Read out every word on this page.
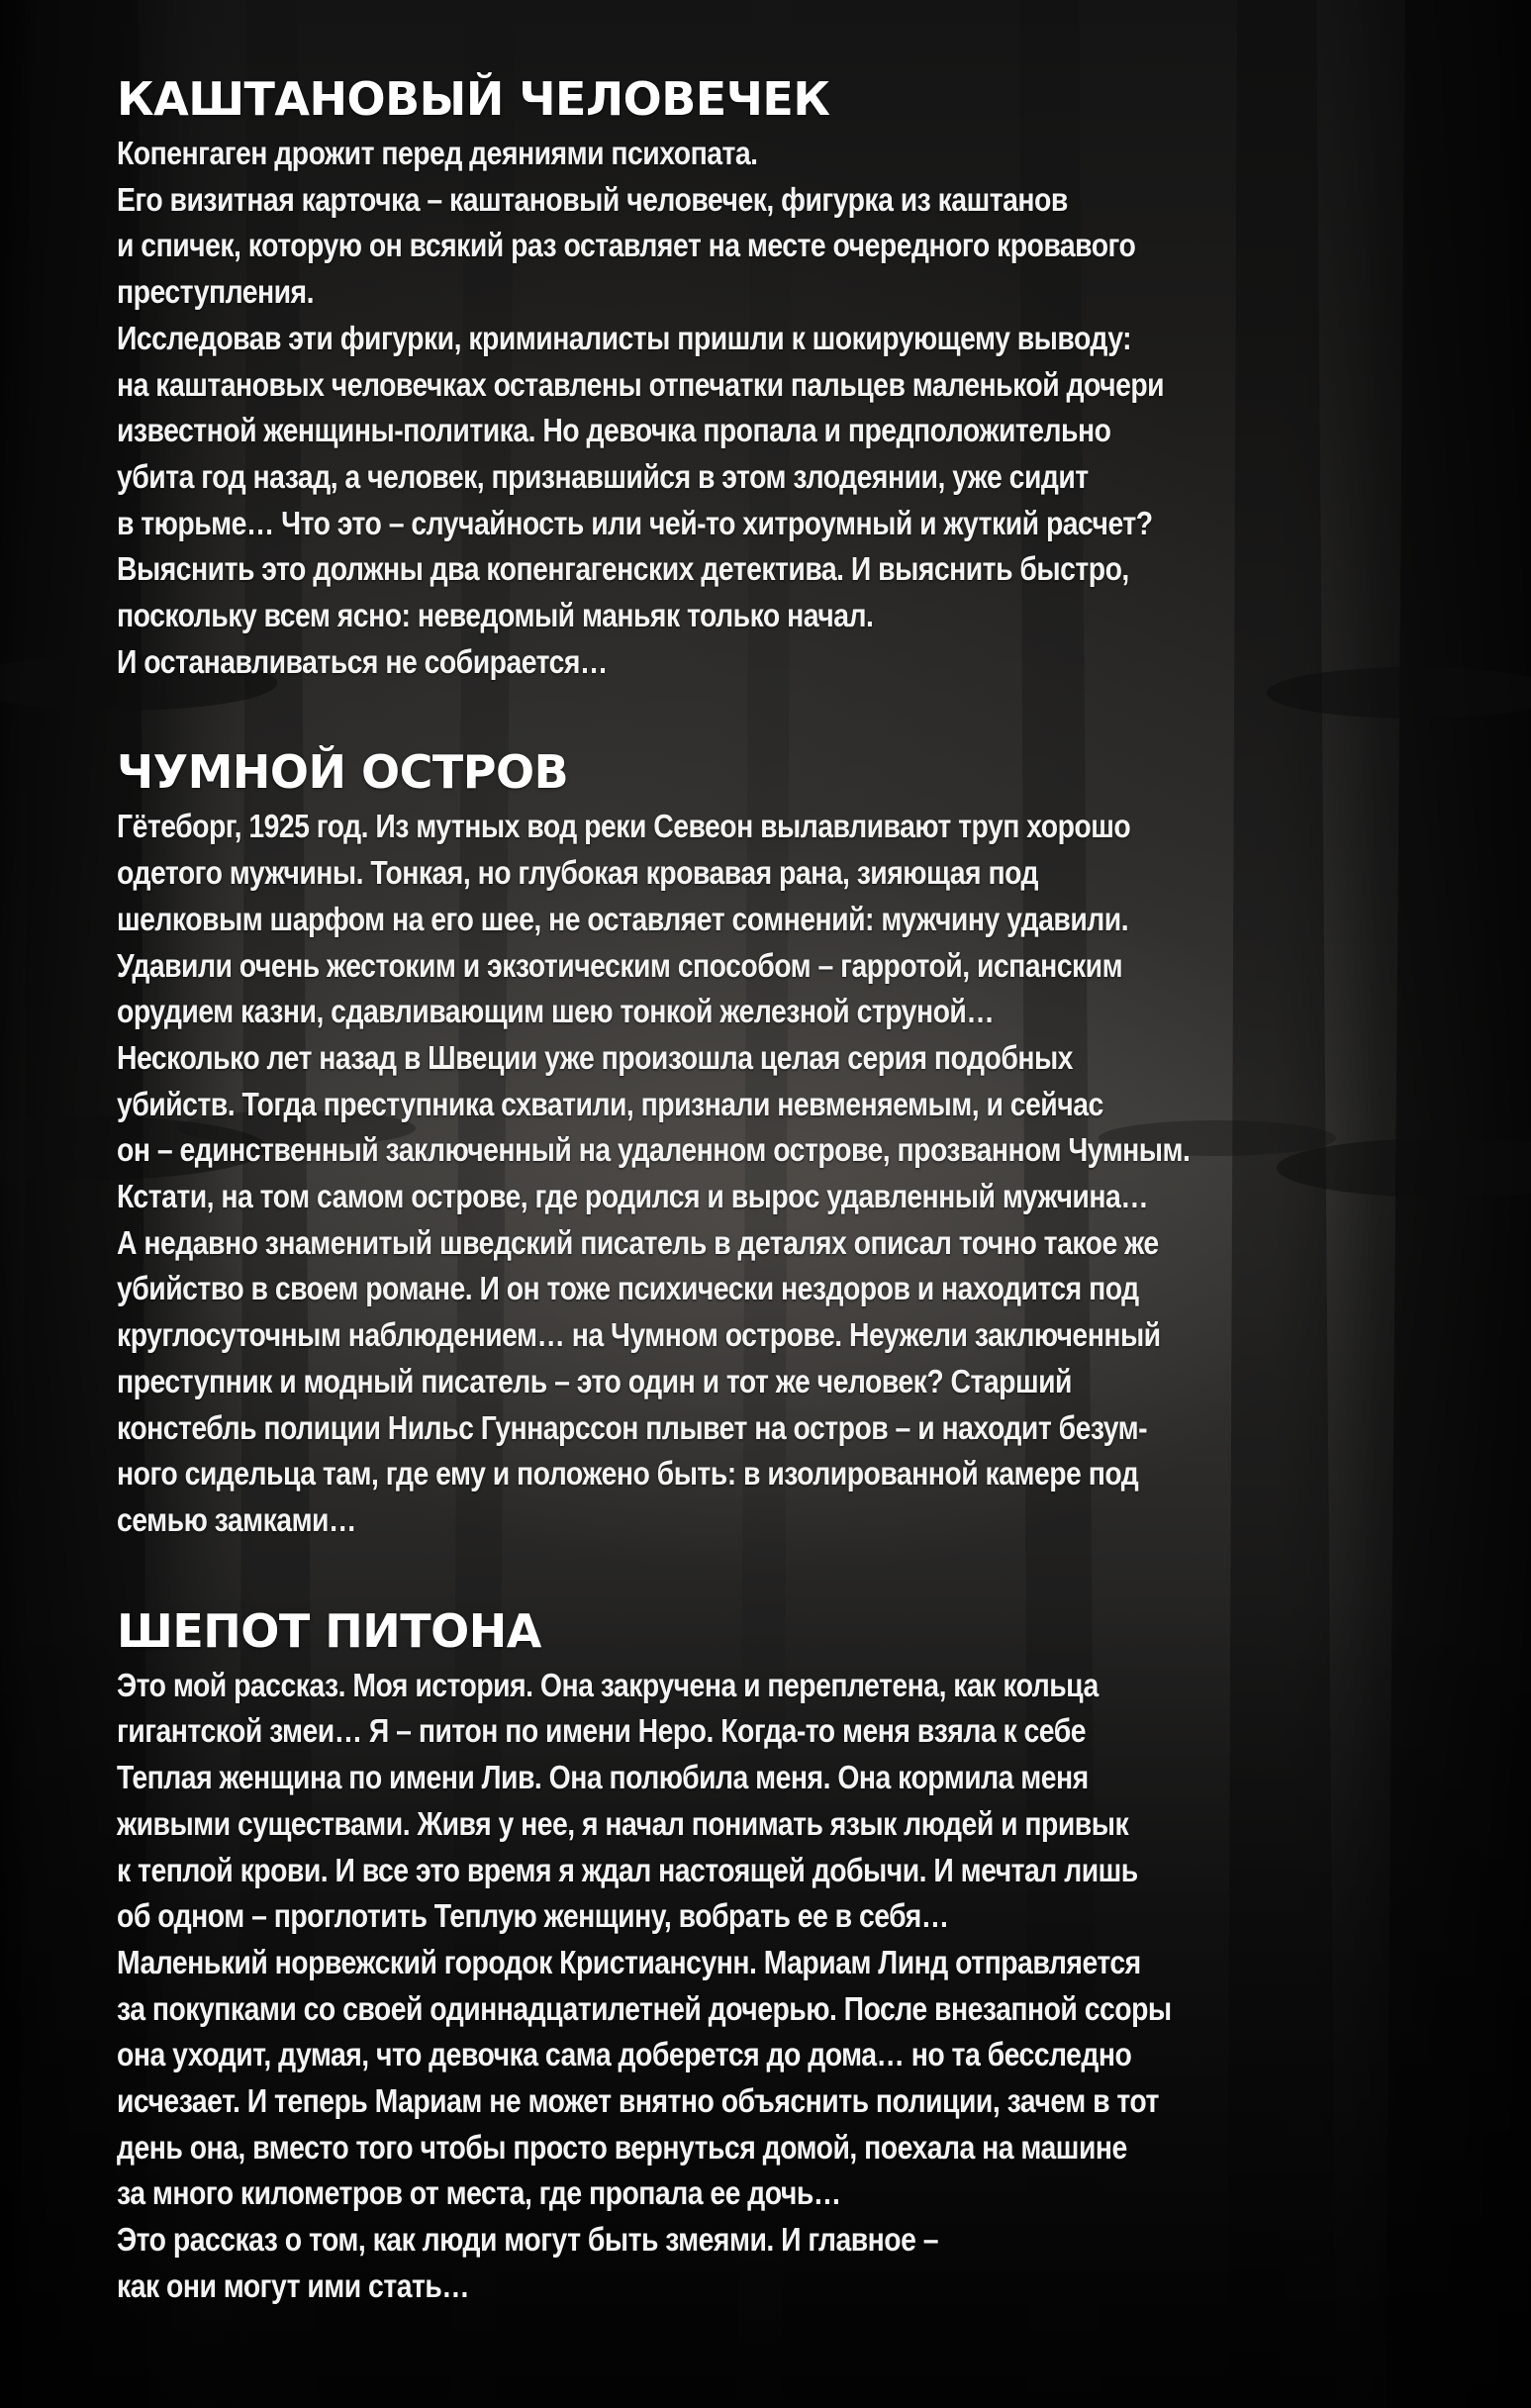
КАШТАНОВЫЙ ЧЕЛОВЕЧЕК
Копенгаген дрожит перед деяниями психопата.
Его визитная карточка – каштановый человечек, фигурка из каштанов
и спичек, которую он всякий раз оставляет на месте очередного кровавого
преступления.
Исследовав эти фигурки, криминалисты пришли к шокирующему выводу:
на каштановых человечках оставлены отпечатки пальцев маленькой дочери
известной женщины-политика. Но девочка пропала и предположительно
убита год назад, а человек, признавшийся в этом злодеянии, уже сидит
в тюрьме… Что это – случайность или чей-то хитроумный и жуткий расчет?
Выяснить это должны два копенгагенских детектива. И выяснить быстро,
поскольку всем ясно: неведомый маньяк только начал.
И останавливаться не собирается…
ЧУМНОЙ ОСТРОВ
Гётеборг, 1925 год. Из мутных вод реки Севеон вылавливают труп хорошо
одетого мужчины. Тонкая, но глубокая кровавая рана, зияющая под
шелковым шарфом на его шее, не оставляет сомнений: мужчину удавили.
Удавили очень жестоким и экзотическим способом – гарротой, испанским
орудием казни, сдавливающим шею тонкой железной струной…
Несколько лет назад в Швеции уже произошла целая серия подобных
убийств. Тогда преступника схватили, признали невменяемым, и сейчас
он – единственный заключенный на удаленном острове, прозванном Чумным.
Кстати, на том самом острове, где родился и вырос удавленный мужчина…
А недавно знаменитый шведский писатель в деталях описал точно такое же
убийство в своем романе. И он тоже психически нездоров и находится под
круглосуточным наблюдением… на Чумном острове. Неужели заключенный
преступник и модный писатель – это один и тот же человек? Старший
констебль полиции Нильс Гуннарссон плывет на остров – и находит безум-
ного сидельца там, где ему и положено быть: в изолированной камере под
семью замками…
ШЕПОТ ПИТОНА
Это мой рассказ. Моя история. Она закручена и переплетена, как кольца
гигантской змеи… Я – питон по имени Неро. Когда-то меня взяла к себе
Теплая женщина по имени Лив. Она полюбила меня. Она кормила меня
живыми существами. Живя у нее, я начал понимать язык людей и привык
к теплой крови. И все это время я ждал настоящей добычи. И мечтал лишь
об одном – проглотить Теплую женщину, вобрать ее в себя…
Маленький норвежский городок Кристиансунн. Мариам Линд отправляется
за покупками со своей одиннадцатилетней дочерью. После внезапной ссоры
она уходит, думая, что девочка сама доберется до дома… но та бесследно
исчезает. И теперь Мариам не может внятно объяснить полиции, зачем в тот
день она, вместо того чтобы просто вернуться домой, поехала на машине
за много километров от места, где пропала ее дочь…
Это рассказ о том, как люди могут быть змеями. И главное –
как они могут ими стать…
